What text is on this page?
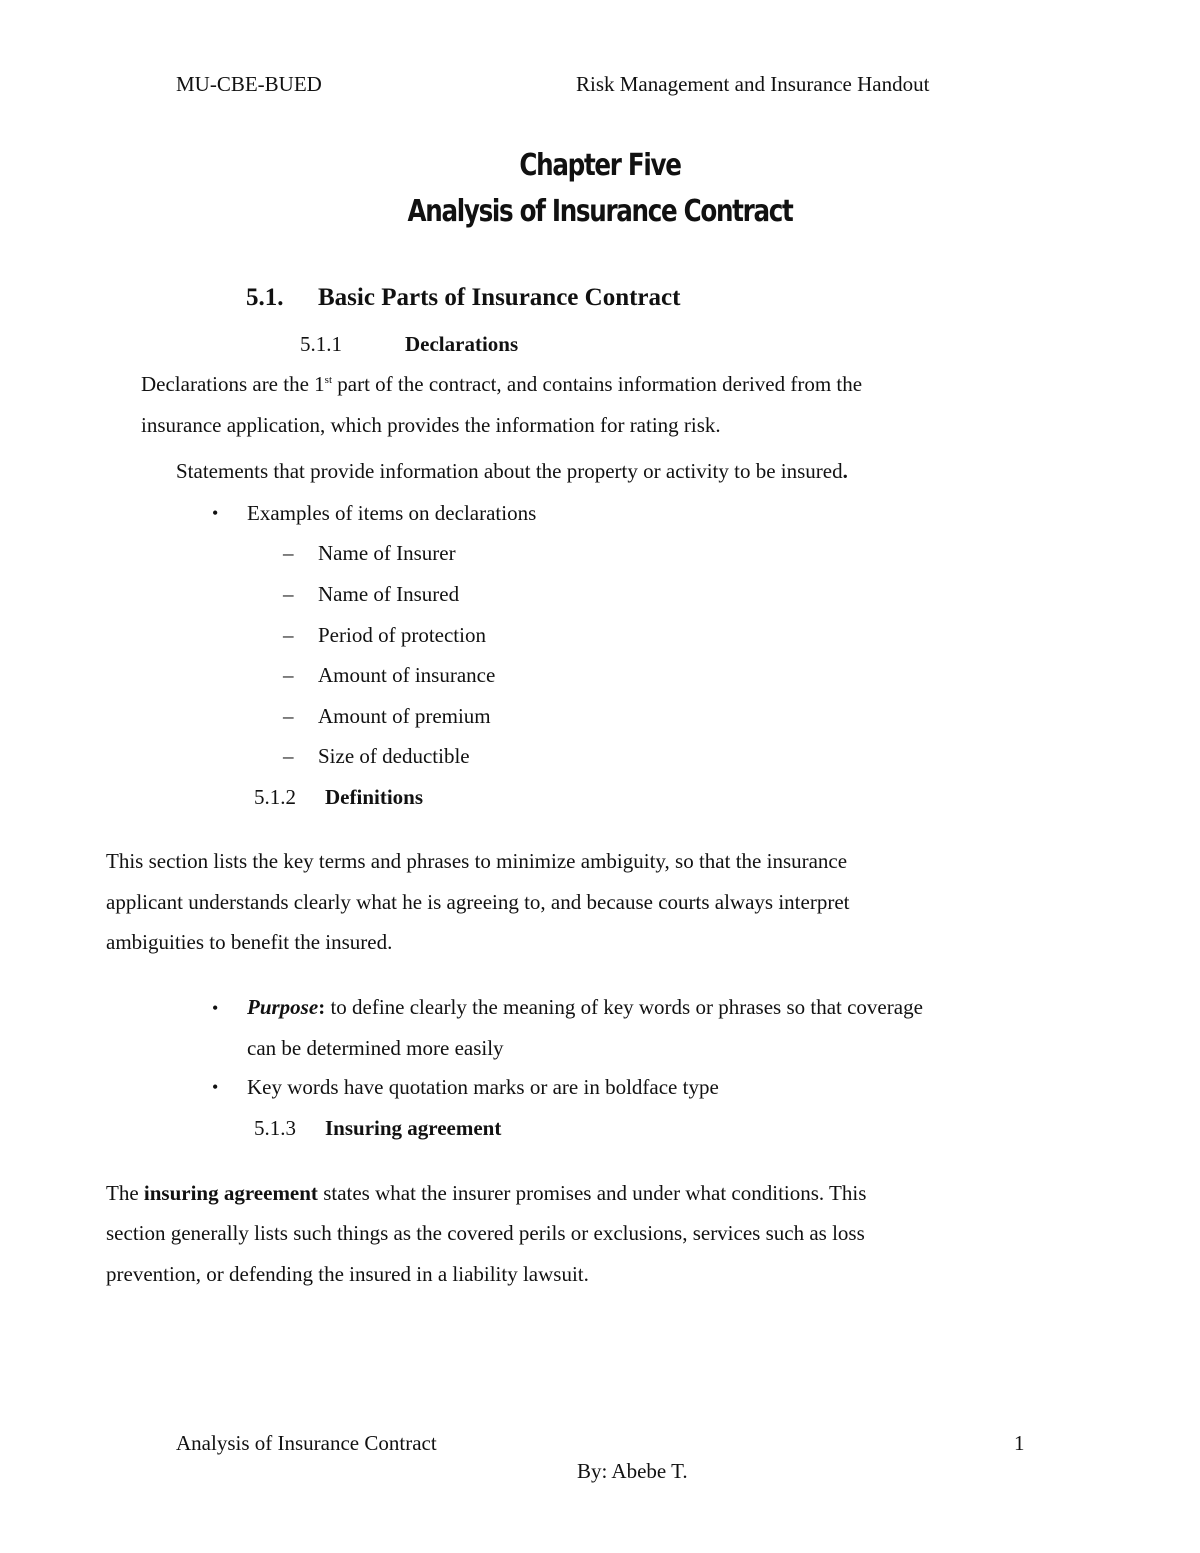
MU-CBE-BUED	Risk Management and Insurance Handout
Chapter Five
Analysis of Insurance Contract
5.1. Basic Parts of Insurance Contract
5.1.1	Declarations
Declarations are the 1st part of the contract, and contains information derived from the
insurance application, which provides the information for rating risk.
Statements that provide information about the property or activity to be insured.
• Examples of items on declarations
– Name of Insurer
– Name of Insured
– Period of protection
– Amount of insurance
– Amount of premium
– Size of deductible
5.1.2 Definitions
This section lists the key terms and phrases to minimize ambiguity, so that the insurance
applicant understands clearly what he is agreeing to, and because courts always interpret
ambiguities to benefit the insured.
• Purpose: to define clearly the meaning of key words or phrases so that coverage
can be determined more easily
• Key words have quotation marks or are in boldface type
5.1.3 Insuring agreement
The insuring agreement states what the insurer promises and under what conditions. This
section generally lists such things as the covered perils or exclusions, services such as loss
prevention, or defending the insured in a liability lawsuit.
Analysis of Insurance Contract	1
By: Abebe T.
